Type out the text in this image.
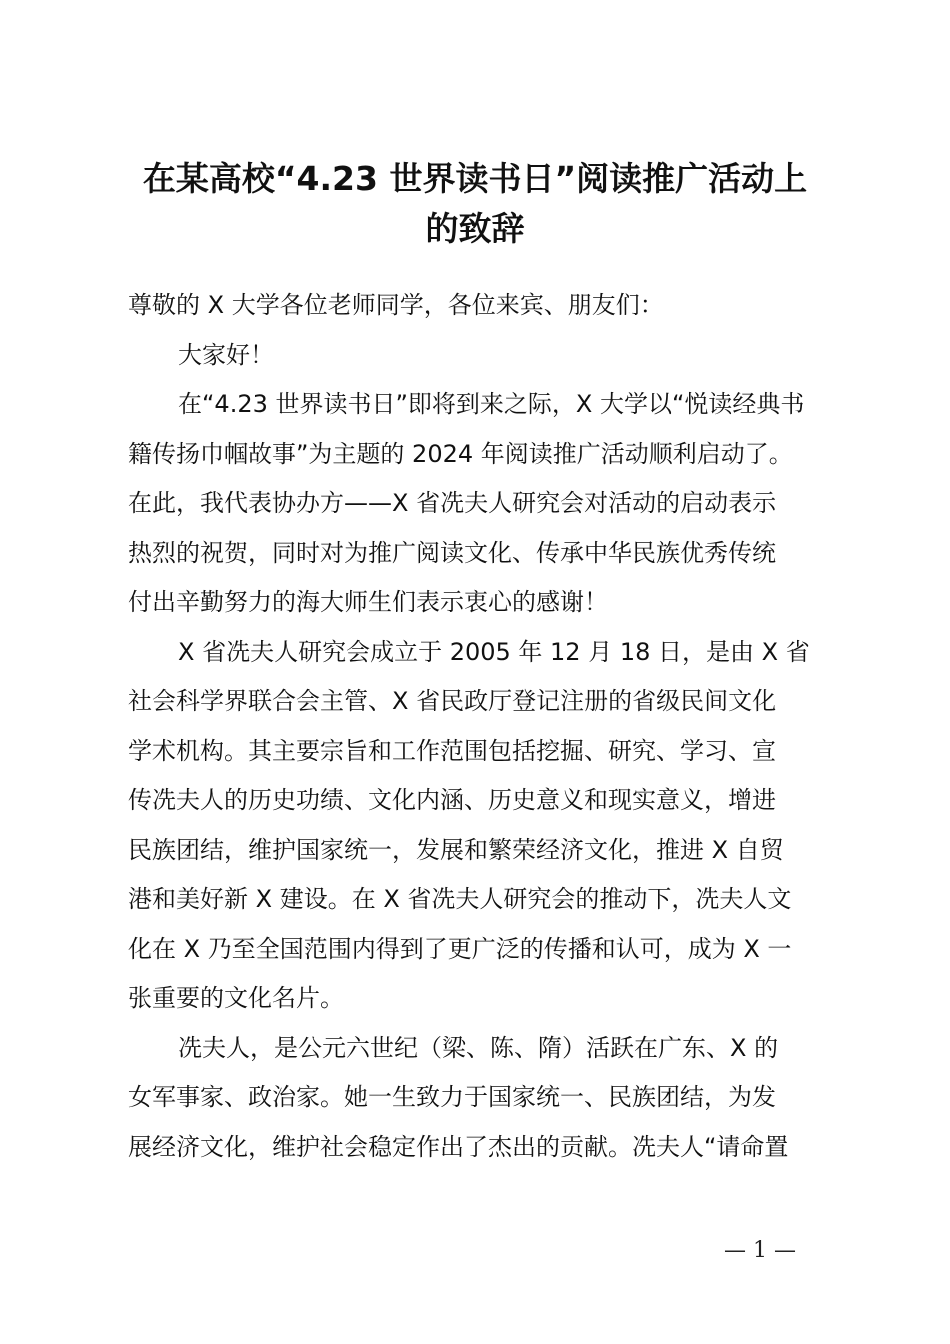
在某高校“4.23 世界读书日”阅读推广活动上
的致辞
尊敬的 X 大学各位老师同学，各位来宾、朋友们：
大家好！
在“4.23 世界读书日”即将到来之际，X 大学以“悦读经典书
籍传扬巾帼故事”为主题的 2024 年阅读推广活动顺利启动了。
在此，我代表协办方——X 省冼夫人研究会对活动的启动表示
热烈的祝贺，同时对为推广阅读文化、传承中华民族优秀传统
付出辛勤努力的海大师生们表示衷心的感谢！
X 省冼夫人研究会成立于 2005 年 12 月 18 日，是由 X 省
社会科学界联合会主管、X 省民政厅登记注册的省级民间文化
学术机构。其主要宗旨和工作范围包括挖掘、研究、学习、宣
传冼夫人的历史功绩、文化内涵、历史意义和现实意义，增进
民族团结，维护国家统一，发展和繁荣经济文化，推进 X 自贸
港和美好新 X 建设。在 X 省冼夫人研究会的推动下，冼夫人文
化在 X 乃至全国范围内得到了更广泛的传播和认可，成为 X 一
张重要的文化名片。
冼夫人，是公元六世纪（梁、陈、隋）活跃在广东、X 的
女军事家、政治家。她一生致力于国家统一、民族团结，为发
展经济文化，维护社会稳定作出了杰出的贡献。冼夫人“请命置
— 1 —
